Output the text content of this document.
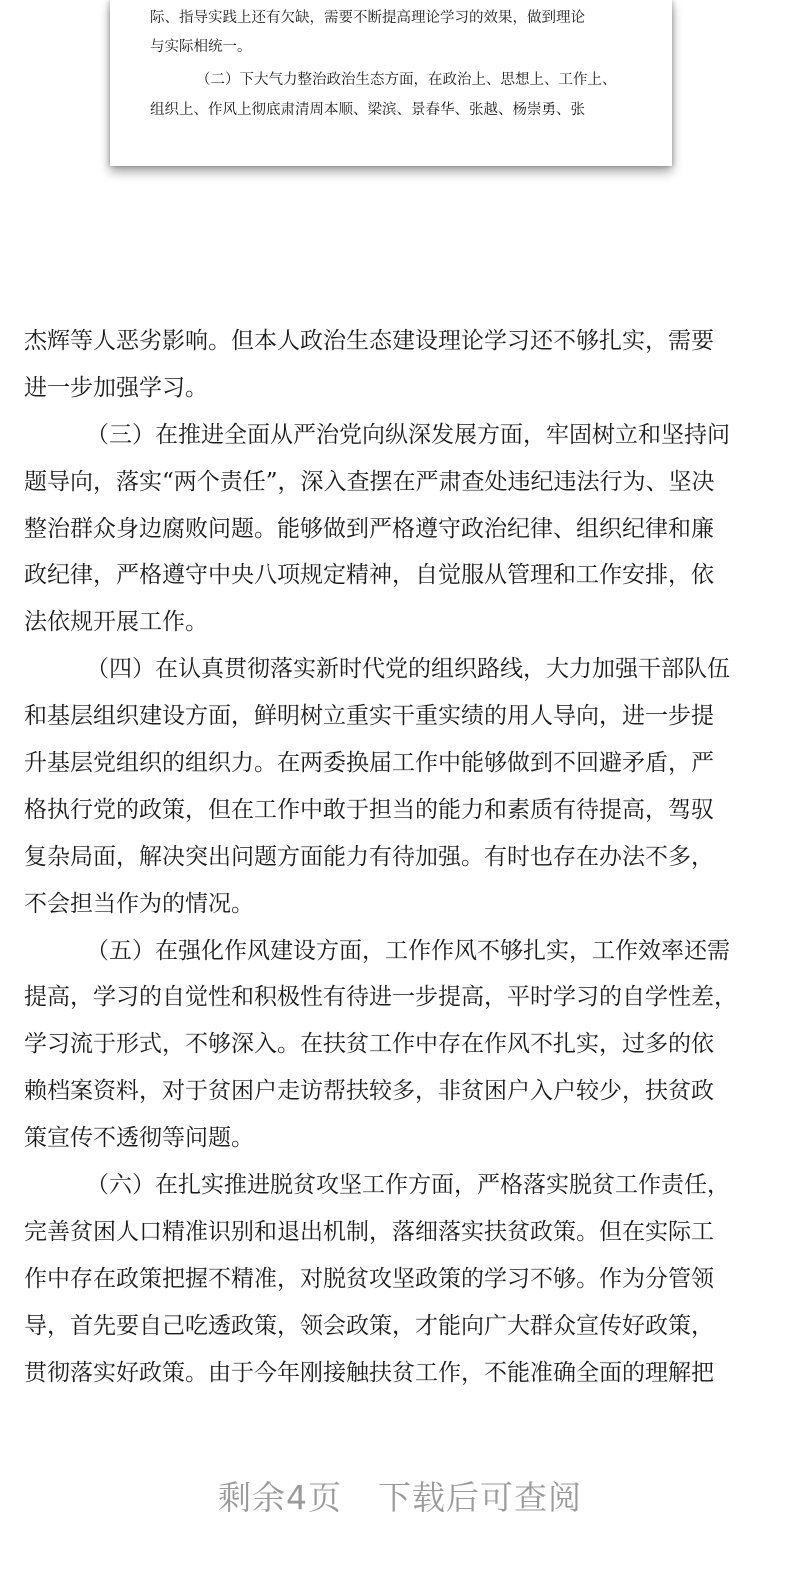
际、指导实践上还有欠缺，需要不断提高理论学习的效果，做到理论

与实际相统一。

（二）下大气力整治政治生态方面，在政治上、思想上、工作上、

组织上、作风上彻底肃清周本顺、梁滨、景春华、张越、杨崇勇、张

杰辉等人恶劣影响。但本人政治生态建设理论学习还不够扎实，需要
进一步加强学习。
（三）在推进全面从严治党向纵深发展方面，牢固树立和坚持问
题导向，落实“两个责任”，深入查摆在严肃查处违纪违法行为、坚决
整治群众身边腐败问题。能够做到严格遵守政治纪律、组织纪律和廉
政纪律，严格遵守中央八项规定精神，自觉服从管理和工作安排，依
法依规开展工作。
（四）在认真贯彻落实新时代党的组织路线，大力加强干部队伍
和基层组织建设方面，鲜明树立重实干重实绩的用人导向，进一步提
升基层党组织的组织力。在两委换届工作中能够做到不回避矛盾，严
格执行党的政策，但在工作中敢于担当的能力和素质有待提高，驾驭
复杂局面，解决突出问题方面能力有待加强。有时也存在办法不多，
不会担当作为的情况。
（五）在强化作风建设方面，工作作风不够扎实，工作效率还需
提高，学习的自觉性和积极性有待进一步提高，平时学习的自学性差，
学习流于形式，不够深入。在扶贫工作中存在作风不扎实，过多的依
赖档案资料，对于贫困户走访帮扶较多，非贫困户入户较少，扶贫政
策宣传不透彻等问题。
（六）在扎实推进脱贫攻坚工作方面，严格落实脱贫工作责任，
完善贫困人口精准识别和退出机制，落细落实扶贫政策。但在实际工
作中存在政策把握不精准，对脱贫攻坚政策的学习不够。作为分管领
导，首先要自己吃透政策，领会政策，才能向广大群众宣传好政策，
贯彻落实好政策。由于今年刚接触扶贫工作，不能准确全面的理解把
剩余4页 下载后可查阅
